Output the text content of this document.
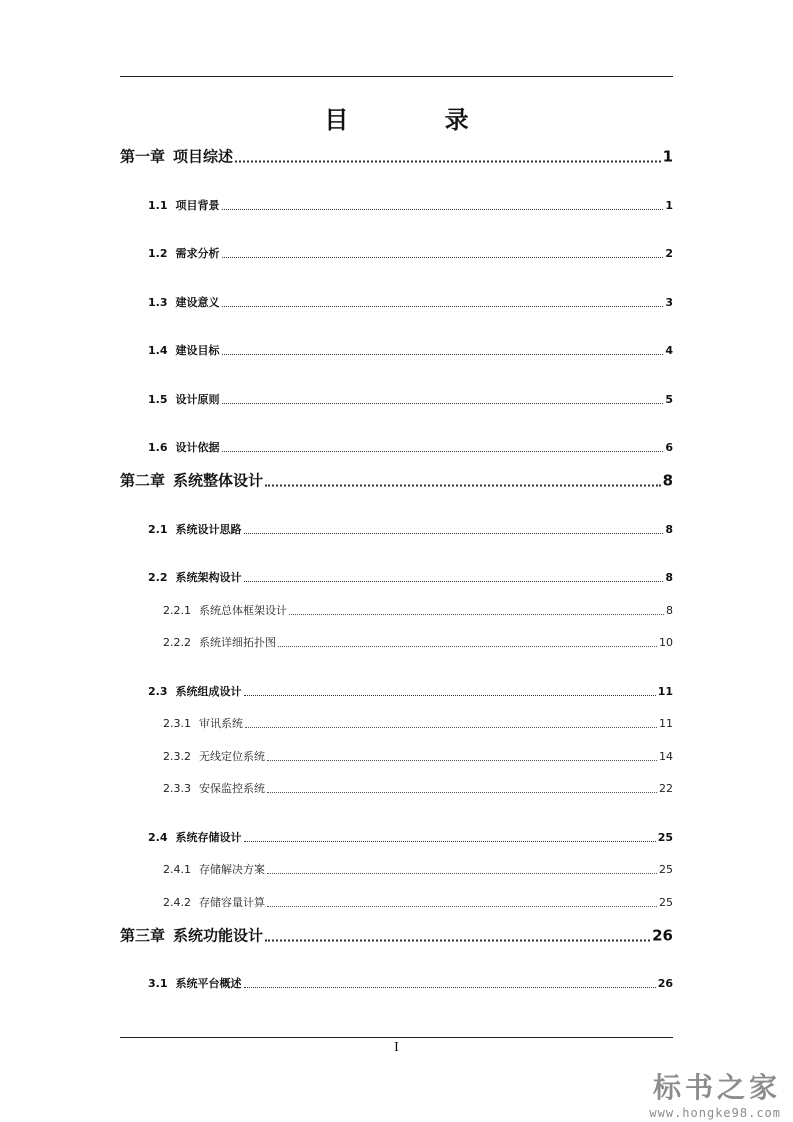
目 录
第一章 项目综述	1
1.1 项目背景	1
1.2 需求分析	2
1.3 建设意义	3
1.4 建设目标	4
1.5 设计原则	5
1.6 设计依据	6
第二章 系统整体设计	8
2.1 系统设计思路	8
2.2 系统架构设计	8
2.2.1 系统总体框架设计	8
2.2.2 系统详细拓扑图	10
2.3 系统组成设计	11
2.3.1 审讯系统	11
2.3.2 无线定位系统	14
2.3.3 安保监控系统	22
2.4 系统存储设计	25
2.4.1 存储解决方案	25
2.4.2 存储容量计算	25
第三章 系统功能设计	26
3.1 系统平台概述	26
I
标书之家
www.hongke98.com
